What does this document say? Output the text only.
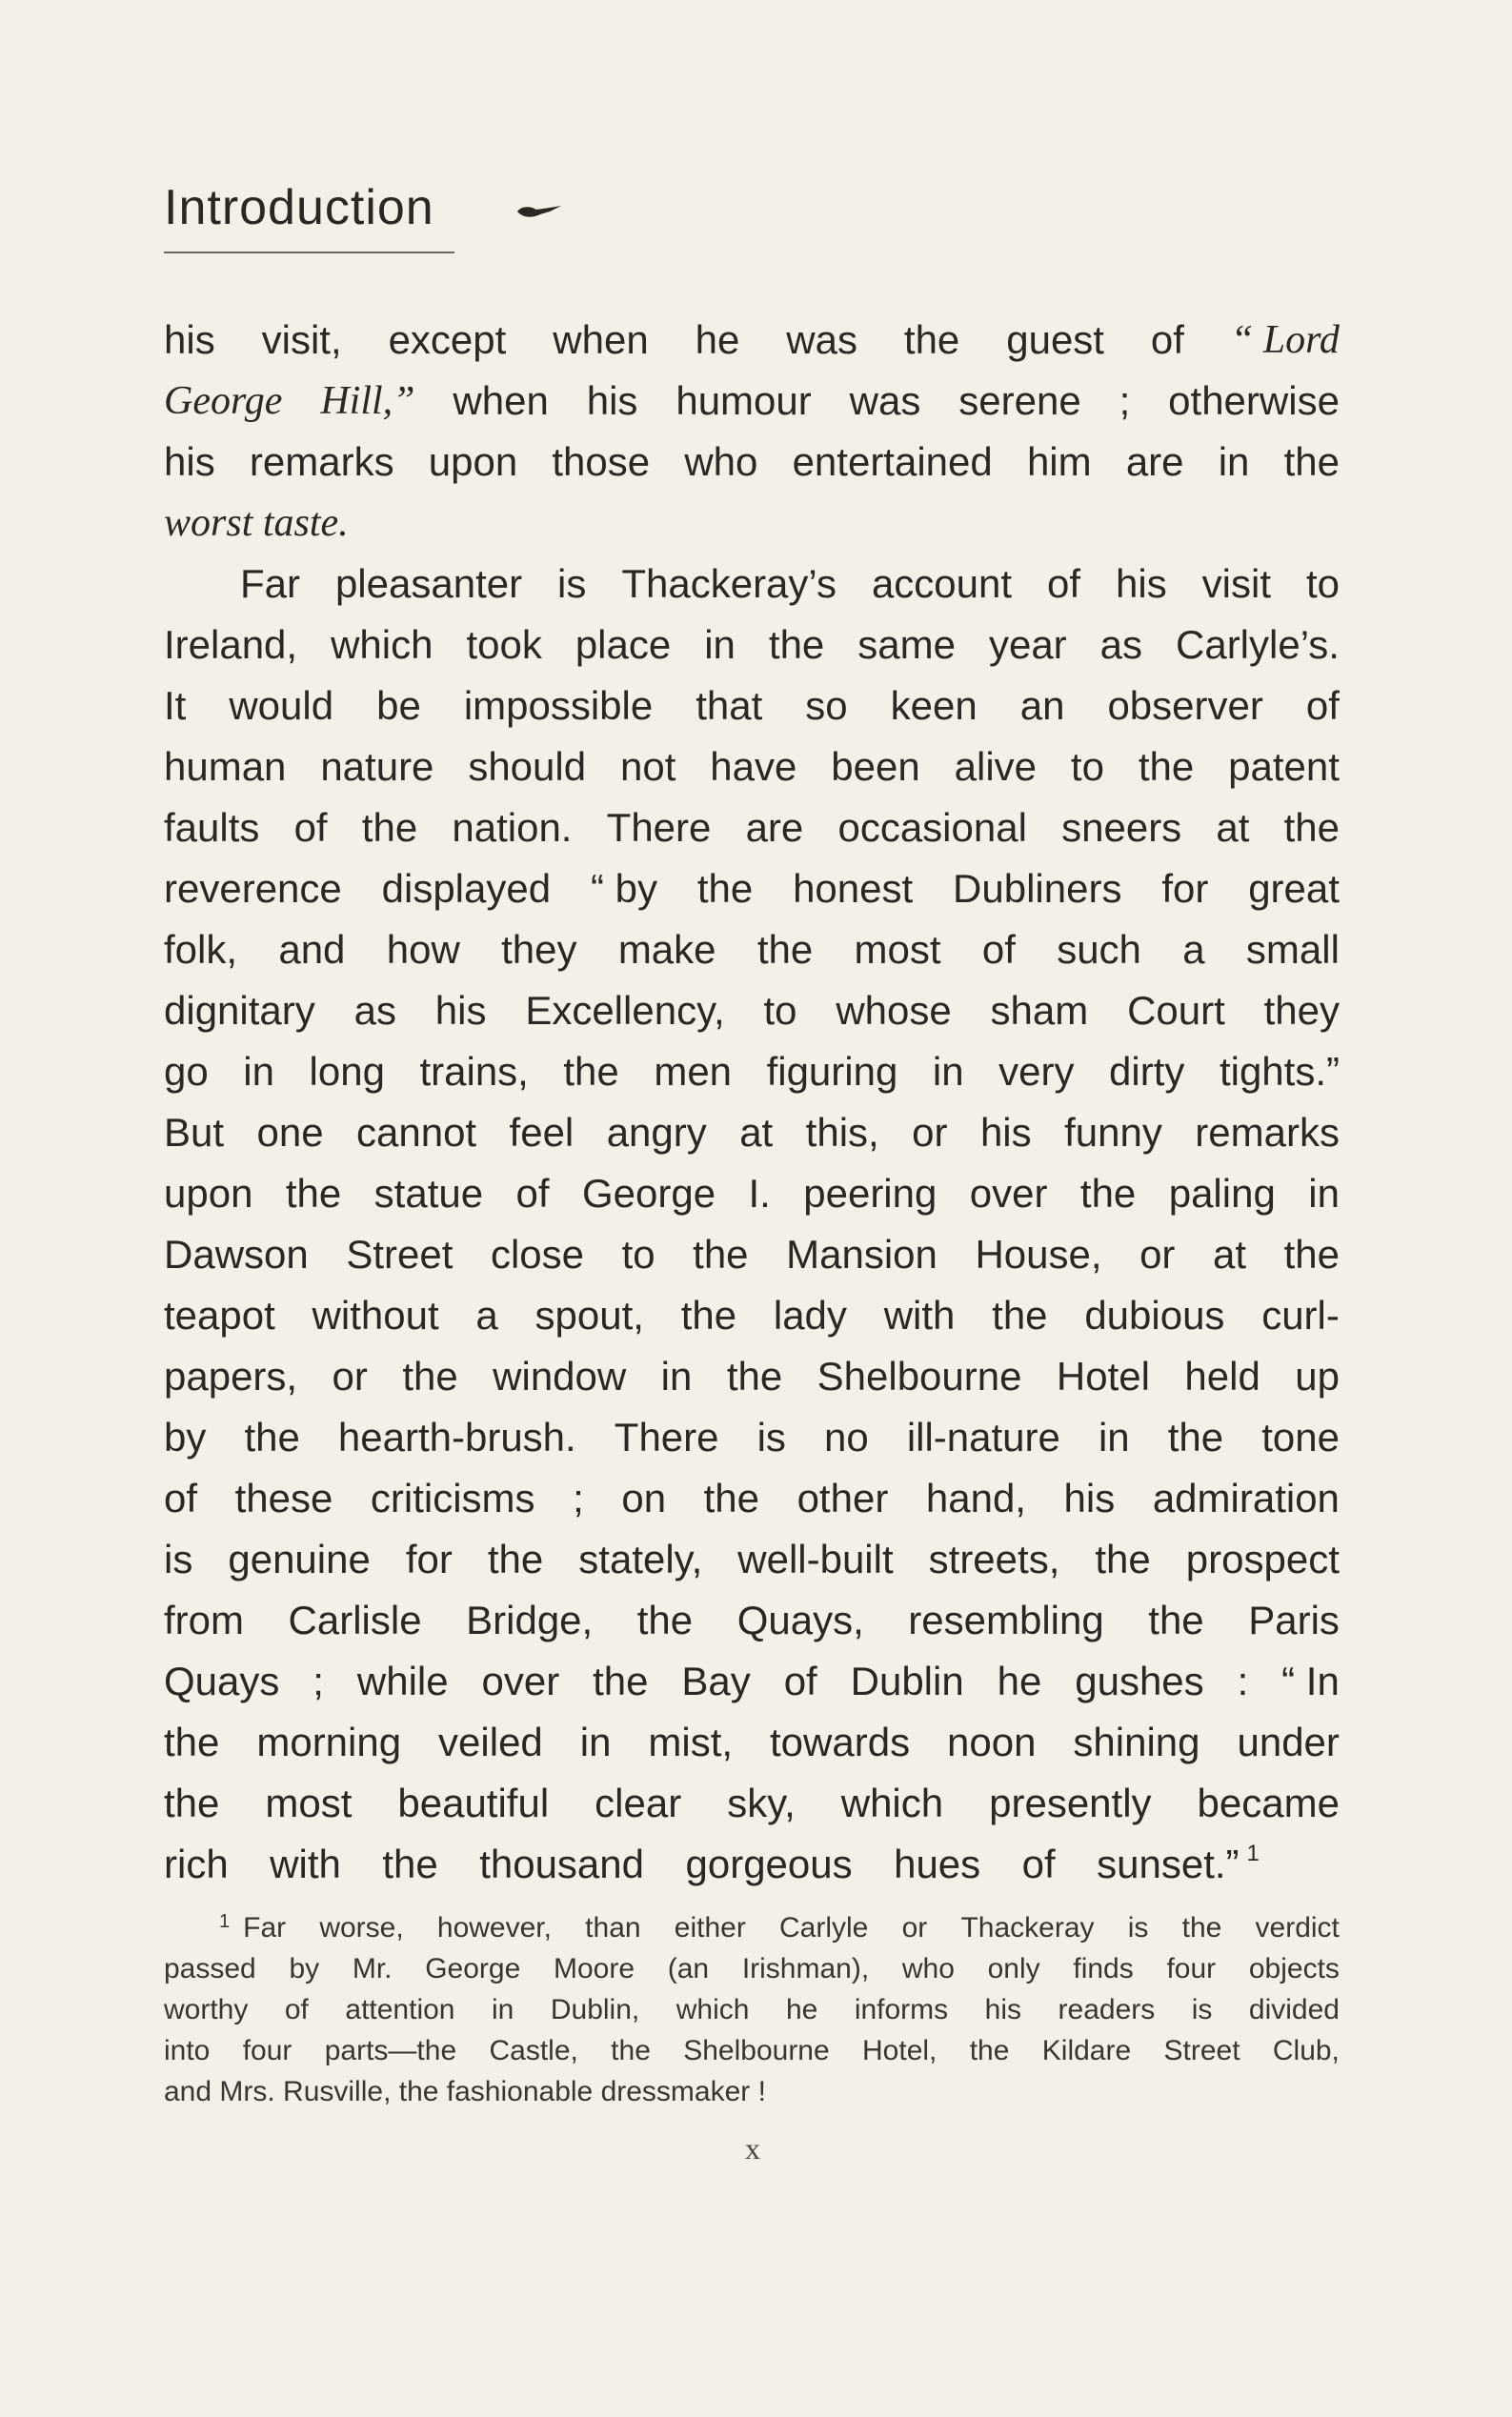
Introduction
his visit, except when he was the guest of “ Lord
George Hill,” when his humour was serene ; otherwise
his remarks upon those who entertained him are in the
worst taste.
Far pleasanter is Thackeray’s account of his visit to
Ireland, which took place in the same year as Carlyle’s.
It would be impossible that so keen an observer of
human nature should not have been alive to the patent
faults of the nation. There are occasional sneers at the
reverence displayed “ by the honest Dubliners for great
folk, and how they make the most of such a small
dignitary as his Excellency, to whose sham Court they
go in long trains, the men figuring in very dirty tights.”
But one cannot feel angry at this, or his funny remarks
upon the statue of George I. peering over the paling in
Dawson Street close to the Mansion House, or at the
teapot without a spout, the lady with the dubious curl-
papers, or the window in the Shelbourne Hotel held up
by the hearth-brush. There is no ill-nature in the tone
of these criticisms ; on the other hand, his admiration
is genuine for the stately, well-built streets, the prospect
from Carlisle Bridge, the Quays, resembling the Paris
Quays ; while over the Bay of Dublin he gushes : “ In
the morning veiled in mist, towards noon shining under
the most beautiful clear sky, which presently became
rich with the thousand gorgeous hues of sunset.” $^1$
$^1$ Far worse, however, than either Carlyle or Thackeray is the verdict
passed by Mr. George Moore (an Irishman), who only finds four objects
worthy of attention in Dublin, which he informs his readers is divided
into four parts—the Castle, the Shelbourne Hotel, the Kildare Street Club,
and Mrs. Rusville, the fashionable dressmaker !
x
